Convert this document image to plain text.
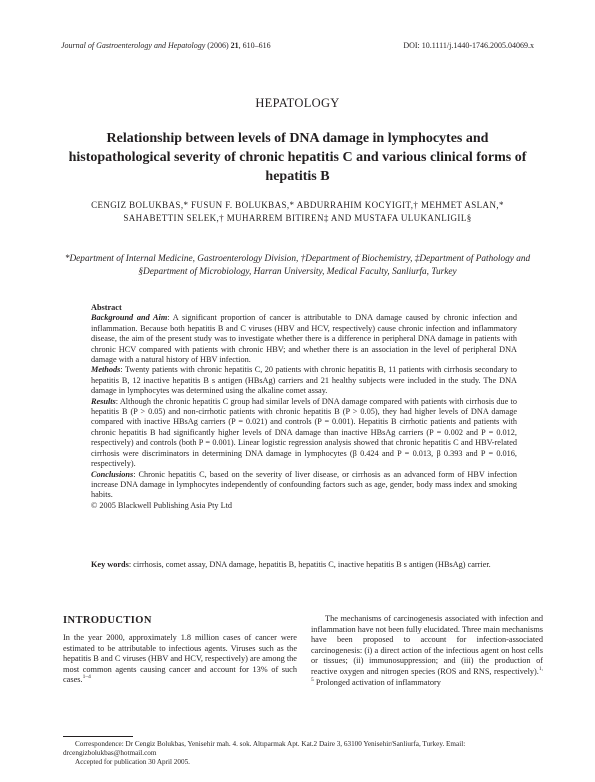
Journal of Gastroenterology and Hepatology (2006) 21, 610–616	DOI: 10.1111/j.1440-1746.2005.04069.x
HEPATOLOGY
Relationship between levels of DNA damage in lymphocytes and histopathological severity of chronic hepatitis C and various clinical forms of hepatitis B
CENGIZ BOLUKBAS,* FUSUN F. BOLUKBAS,* ABDURRAHIM KOCYIGIT,† MEHMET ASLAN,* SAHABETTIN SELEK,† MUHARREM BITIREN‡ AND MUSTAFA ULUKANLIGIL§
*Department of Internal Medicine, Gastroenterology Division, †Department of Biochemistry, ‡Department of Pathology and §Department of Microbiology, Harran University, Medical Faculty, Sanliurfa, Turkey
Abstract

Background and Aim: A significant proportion of cancer is attributable to DNA damage caused by chronic infection and inflammation. Because both hepatitis B and C viruses (HBV and HCV, respectively) cause chronic infection and inflammatory disease, the aim of the present study was to investigate whether there is a difference in peripheral DNA damage in patients with chronic HCV compared with patients with chronic HBV; and whether there is an association in the level of peripheral DNA damage with a natural history of HBV infection.

Methods: Twenty patients with chronic hepatitis C, 20 patients with chronic hepatitis B, 11 patients with cirrhosis secondary to hepatitis B, 12 inactive hepatitis B s antigen (HBsAg) carriers and 21 healthy subjects were included in the study. The DNA damage in lymphocytes was determined using the alkaline comet assay.

Results: Although the chronic hepatitis C group had similar levels of DNA damage compared with patients with cirrhosis due to hepatitis B (P > 0.05) and non-cirrhotic patients with chronic hepatitis B (P > 0.05), they had higher levels of DNA damage compared with inactive HBsAg carriers (P = 0.021) and controls (P = 0.001). Hepatitis B cirrhotic patients and patients with chronic hepatitis B had significantly higher levels of DNA damage than inactive HBsAg carriers (P = 0.002 and P = 0.012, respectively) and controls (both P = 0.001). Linear logistic regression analysis showed that chronic hepatitis C and HBV-related cirrhosis were discriminators in determining DNA damage in lymphocytes (β 0.424 and P = 0.013, β 0.393 and P = 0.016, respectively).

Conclusions: Chronic hepatitis C, based on the severity of liver disease, or cirrhosis as an advanced form of HBV infection increase DNA damage in lymphocytes independently of confounding factors such as age, gender, body mass index and smoking habits.

© 2005 Blackwell Publishing Asia Pty Ltd

Key words: cirrhosis, comet assay, DNA damage, hepatitis B, hepatitis C, inactive hepatitis B s antigen (HBsAg) carrier.
INTRODUCTION

In the year 2000, approximately 1.8 million cases of cancer were estimated to be attributable to infectious agents. Viruses such as the hepatitis B and C viruses (HBV and HCV, respectively) are among the most common agents causing cancer and account for 13% of such cases.$^{1-4}$

The mechanisms of carcinogenesis associated with infection and inflammation have not been fully elucidated. Three main mechanisms have been proposed to account for infection-associated carcinogenesis: (i) a direct action of the infectious agent on host cells or tissues; (ii) immunosuppression; and (iii) the production of reactive oxygen and nitrogen species (ROS and RNS, respectively).$^{1, 5}$ Prolonged activation of inflammatory

Correspondence: Dr Cengiz Bolukbas, Yenisehir mah. 4. sok. Altıparmak Apt. Kat.2 Daire 3, 63100 Yenisehir/Sanliurfa, Turkey. Email: drcengizbolukbas@hotmail.com
Accepted for publication 30 April 2005.
